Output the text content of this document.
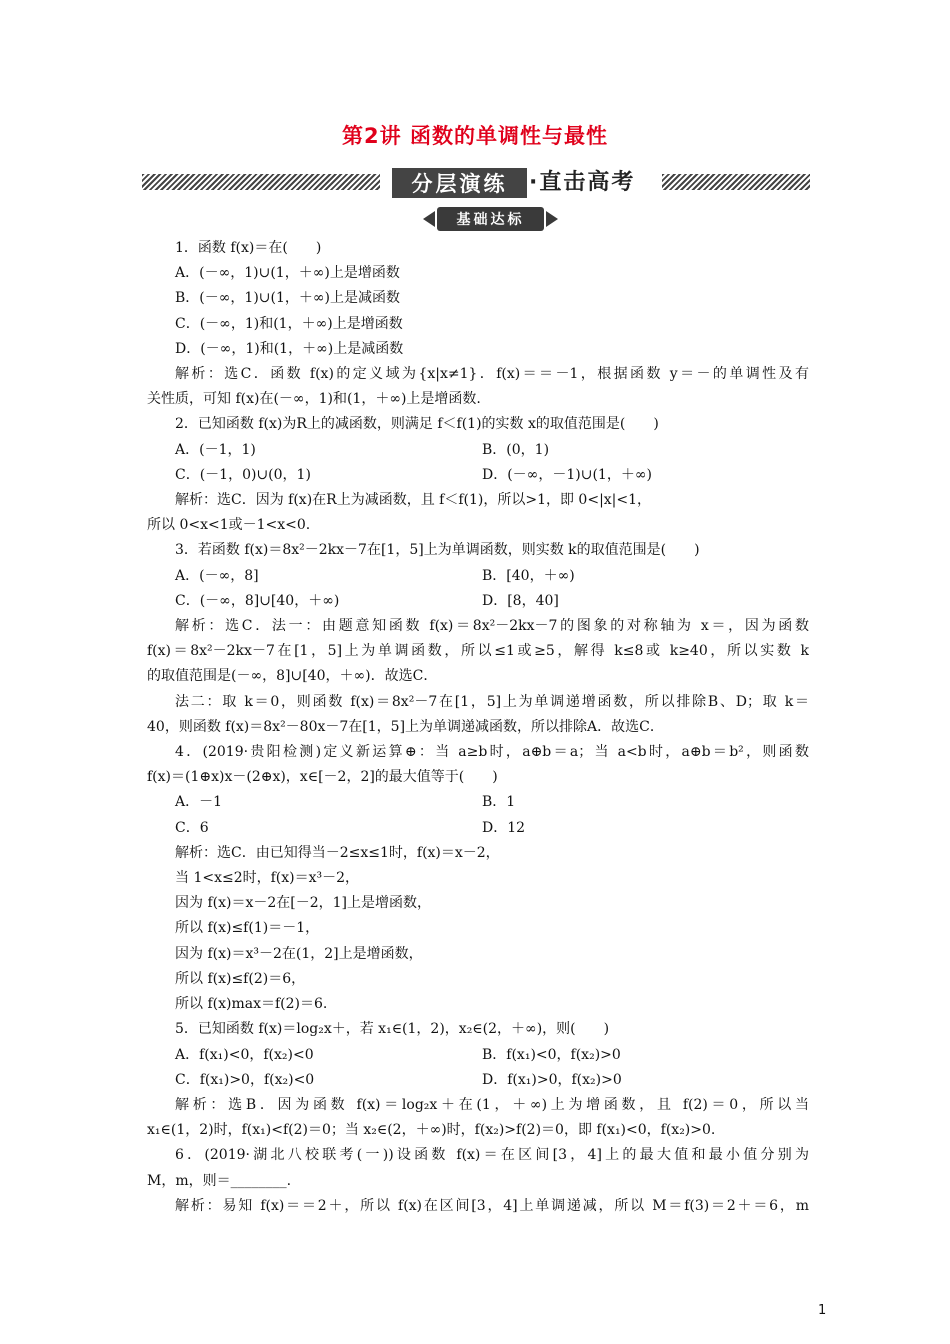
第2讲 函数的单调性与最性
分层演练 ·直击高考
基础达标
1．函数 f(x)＝在(　　)
A．(－∞，1)∪(1，＋∞)上是增函数
B．(－∞，1)∪(1，＋∞)上是减函数
C．(－∞，1)和(1，＋∞)上是增函数
D．(－∞，1)和(1，＋∞)上是减函数
解析：选C．函数 f(x)的定义域为{x|x≠1}．f(x)＝＝－1，根据函数 y＝－的单调性及有
关性质，可知 f(x)在(－∞，1)和(1，＋∞)上是增函数.
2．已知函数 f(x)为R上的减函数，则满足 f＜f(1)的实数 x的取值范围是(　　)
A．(－1，1)	B．(0，1)
C．(－1，0)∪(0，1)	D．(－∞，－1)∪(1，＋∞)
解析：选C．因为 f(x)在R上为减函数，且 f＜f(1)，所以>1，即 0<|x|<1，
所以 0<x<1或－1<x<0.
3．若函数 f(x)＝8x²－2kx－7在[1，5]上为单调函数，则实数 k的取值范围是(　　)
A．(－∞，8]	B．[40，＋∞)
C．(－∞，8]∪[40，＋∞)	D．[8，40]
解析：选C．法一：由题意知函数 f(x)＝8x²－2kx－7的图象的对称轴为 x＝，因为函数
f(x)＝8x²－2kx－7在[1，5]上为单调函数，所以≤1或≥5，解得 k≤8或 k≥40，所以实数 k
的取值范围是(－∞，8]∪[40，＋∞)．故选C．
法二：取 k＝0，则函数 f(x)＝8x²－7在[1，5]上为单调递增函数，所以排除B、D；取 k＝
40，则函数 f(x)＝8x²－80x－7在[1，5]上为单调递减函数，所以排除A．故选C．
4．(2019·贵阳检测)定义新运算⊕：当 a≥b时，a⊕b＝a；当 a<b时，a⊕b＝b²，则函数
f(x)＝(1⊕x)x－(2⊕x)，x∈[－2，2]的最大值等于(　　)
A．－1	B．1
C．6	D．12
解析：选C．由已知得当－2≤x≤1时，f(x)＝x－2，
当 1<x≤2时，f(x)＝x³－2，
因为 f(x)＝x－2在[－2，1]上是增函数，
所以 f(x)≤f(1)＝－1，
因为 f(x)＝x³－2在(1，2]上是增函数，
所以 f(x)≤f(2)＝6，
所以 f(x)max＝f(2)＝6.
5．已知函数 f(x)＝log₂x＋，若 x₁∈(1，2)，x₂∈(2，＋∞)，则(　　)
A．f(x₁)<0，f(x₂)<0	B．f(x₁)<0，f(x₂)>0
C．f(x₁)>0，f(x₂)<0	D．f(x₁)>0，f(x₂)>0
解析：选B．因为函数 f(x)＝log₂x＋在(1，＋∞)上为增函数，且 f(2)＝0，所以当
x₁∈(1，2)时，f(x₁)<f(2)＝0；当 x₂∈(2，＋∞)时，f(x₂)>f(2)＝0，即 f(x₁)<0，f(x₂)>0.
6．(2019·湖北八校联考(一))设函数 f(x)＝在区间[3，4]上的最大值和最小值分别为
M，m，则＝________.
解析：易知 f(x)＝＝2＋，所以 f(x)在区间[3，4]上单调递减，所以 M＝f(3)＝2＋＝6，m
1
